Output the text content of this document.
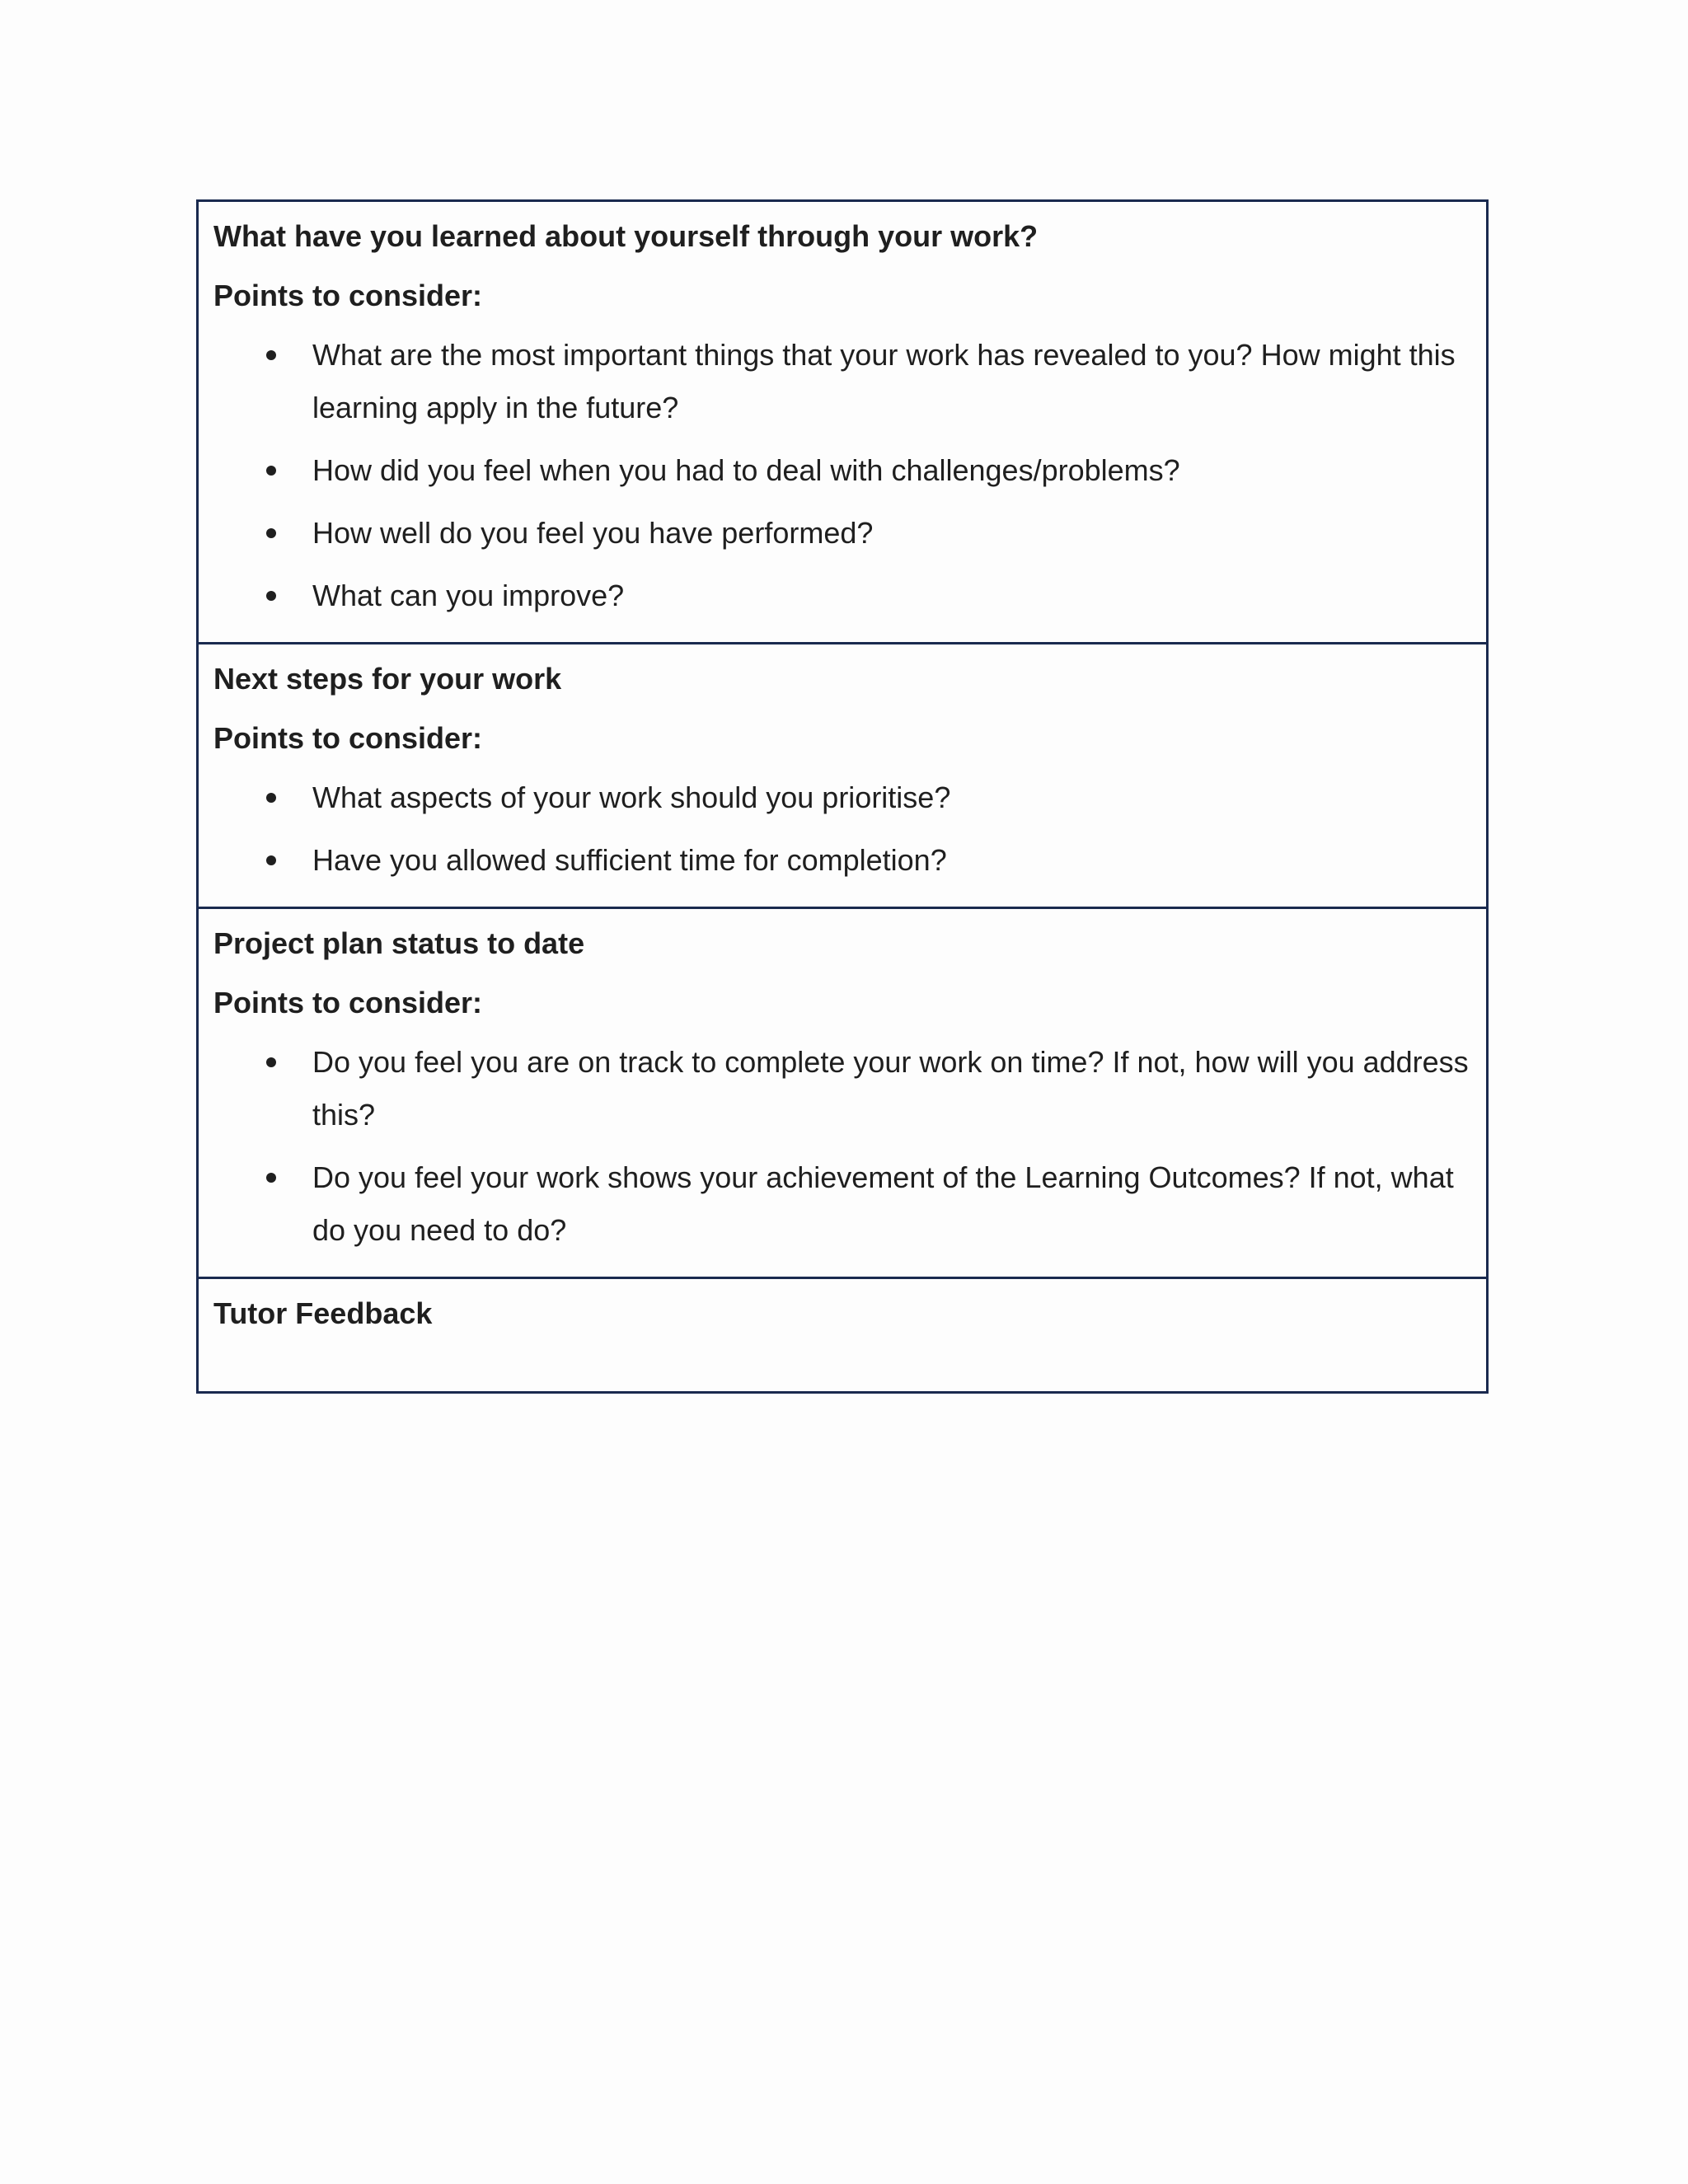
What have you learned about yourself through your work?
Points to consider:
What are the most important things that your work has revealed to you? How might this learning apply in the future?
How did you feel when you had to deal with challenges/problems?
How well do you feel you have performed?
What can you improve?
Next steps for your work
Points to consider:
What aspects of your work should you prioritise?
Have you allowed sufficient time for completion?
Project plan status to date
Points to consider:
Do you feel you are on track to complete your work on time? If not, how will you address this?
Do you feel your work shows your achievement of the Learning Outcomes? If not, what do you need to do?
Tutor Feedback
